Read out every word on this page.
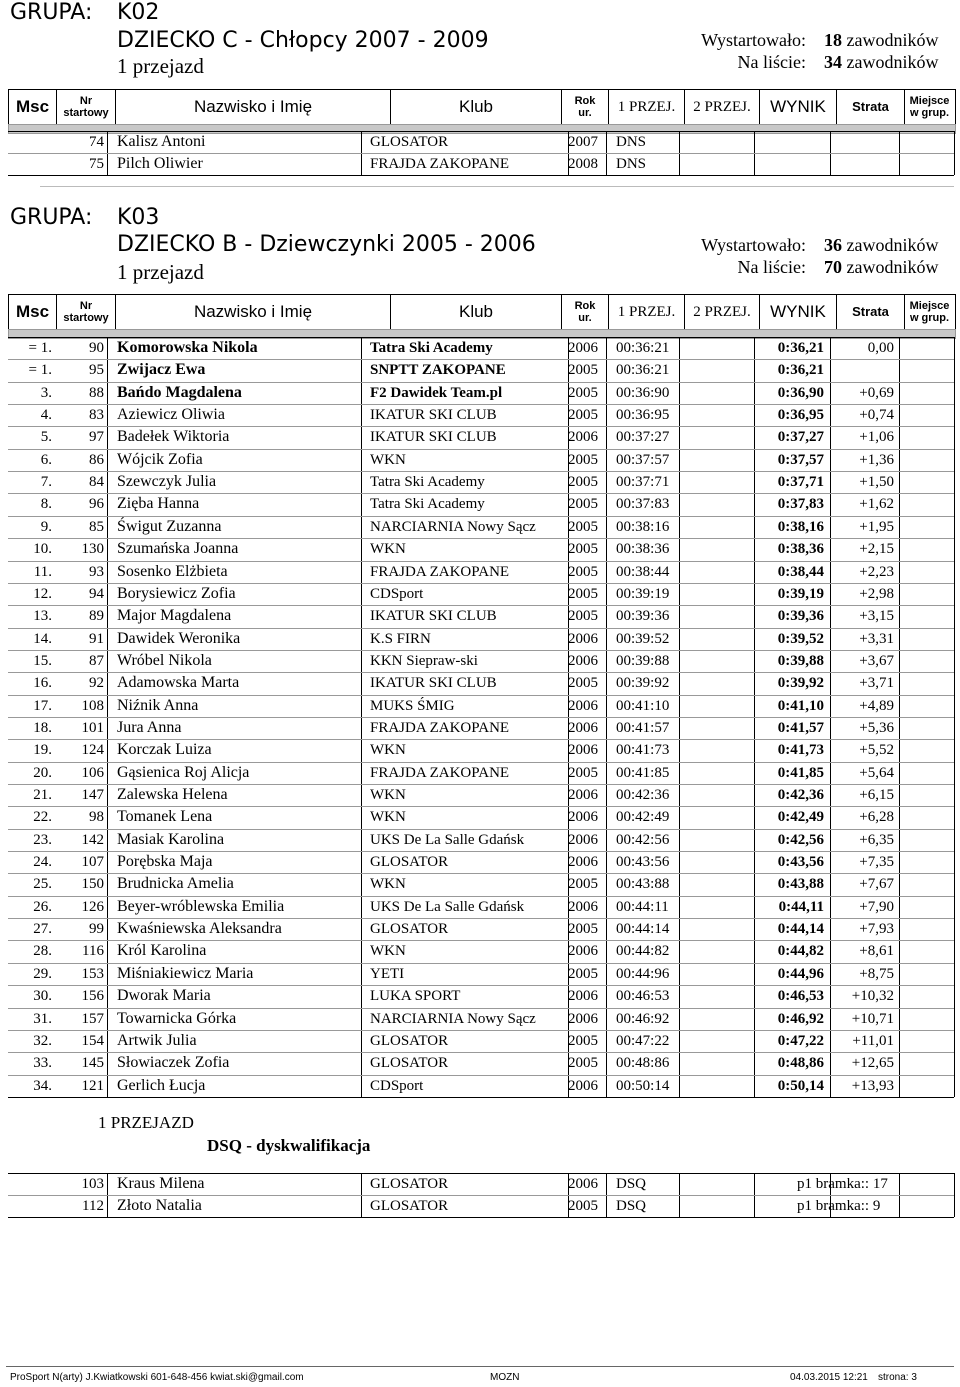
GRUPA: K02
DZIECKO C - Chłopcy 2007 - 2009
1 przejazd
Wystartowało:
Na liście:
18 zawodników
34 zawodników
Msc	Nr
startowy	Nazwisko i Imię	Klub	Rok
ur.	1 PRZEJ.	2 PRZEJ.	WYNIK	Strata	Miejsce
w grup.
74 Kalisz Antoni	GLOSATOR	2007 DNS
75 Pilch Oliwier	FRAJDA ZAKOPANE	2008 DNS
GRUPA: K03
DZIECKO B - Dziewczynki 2005 - 2006
1 przejazd
Wystartowało:
Na liście:
36 zawodników
70 zawodników
Msc	Nr
startowy	Nazwisko i Imię	Klub	Rok
ur.	1 PRZEJ.	2 PRZEJ.	WYNIK	Strata	Miejsce
w grup.
= 1.	90 Komorowska Nikola	Tatra Ski Academy	2006 00:36:21	0:36,21	0,00
= 1.	95 Zwijacz Ewa	SNPTT ZAKOPANE	2005 00:36:21	0:36,21
3.	88 Bańdo Magdalena	F2 Dawidek Team.pl	2005 00:36:90	0:36,90	+0,69
4.	83 Aziewicz Oliwia	IKATUR SKI CLUB	2005 00:36:95	0:36,95	+0,74
5.	97 Badełek Wiktoria	IKATUR SKI CLUB	2006 00:37:27	0:37,27	+1,06
6.	86 Wójcik Zofia	WKN	2005 00:37:57	0:37,57	+1,36
7.	84 Szewczyk Julia	Tatra Ski Academy	2005 00:37:71	0:37,71	+1,50
8.	96 Zięba Hanna	Tatra Ski Academy	2005 00:37:83	0:37,83	+1,62
9.	85 Świgut Zuzanna	NARCIARNIA Nowy Sącz 2005 00:38:16	0:38,16	+1,95
10.	130 Szumańska Joanna	WKN	2005 00:38:36	0:38,36	+2,15
11.	93 Sosenko Elżbieta	FRAJDA ZAKOPANE	2005 00:38:44	0:38,44	+2,23
12.	94 Borysiewicz Zofia	CDSport	2005 00:39:19	0:39,19	+2,98
13.	89 Major Magdalena	IKATUR SKI CLUB	2005 00:39:36	0:39,36	+3,15
14.	91 Dawidek Weronika	K.S FIRN	2006 00:39:52	0:39,52	+3,31
15.	87 Wróbel Nikola	KKN Siepraw-ski	2006 00:39:88	0:39,88	+3,67
16.	92 Adamowska Marta	IKATUR SKI CLUB	2005 00:39:92	0:39,92	+3,71
17.	108 Niźnik Anna	MUKS ŚMIG	2006 00:41:10	0:41,10	+4,89
18.	101 Jura Anna	FRAJDA ZAKOPANE	2006 00:41:57	0:41,57	+5,36
19.	124 Korczak Luiza	WKN	2006 00:41:73	0:41,73	+5,52
20.	106 Gąsienica Roj Alicja	FRAJDA ZAKOPANE	2005 00:41:85	0:41,85	+5,64
21.	147 Zalewska Helena	WKN	2006 00:42:36	0:42,36	+6,15
22.	98 Tomanek Lena	WKN	2006 00:42:49	0:42,49	+6,28
23.	142 Masiak Karolina	UKS De La Salle Gdańsk	2006 00:42:56	0:42,56	+6,35
24.	107 Porębska Maja	GLOSATOR	2006 00:43:56	0:43,56	+7,35
25.	150 Brudnicka Amelia	WKN	2005 00:43:88	0:43,88	+7,67
26.	126 Beyer-wróblewska Emilia	UKS De La Salle Gdańsk	2006 00:44:11	0:44,11	+7,90
27.	99 Kwaśniewska Aleksandra	GLOSATOR	2005 00:44:14	0:44,14	+7,93
28.	116 Król Karolina	WKN	2006 00:44:82	0:44,82	+8,61
29.	153 Miśniakiewicz Maria	YETI	2005 00:44:96	0:44,96	+8,75
30.	156 Dworak Maria	LUKA SPORT	2006 00:46:53	0:46,53	+10,32
31.	157 Towarnicka Górka	NARCIARNIA Nowy Sącz 2006 00:46:92	0:46,92	+10,71
32.	154 Artwik Julia	GLOSATOR	2005 00:47:22	0:47,22	+11,01
33.	145 Słowiaczek Zofia	GLOSATOR	2005 00:48:86	0:48,86	+12,65
34.	121 Gerlich Łucja	CDSport	2006 00:50:14	0:50,14	+13,93
1 PRZEJAZD
DSQ - dyskwalifikacja
103 Kraus Milena	GLOSATOR	2006 DSQ	p1 bramka:: 17
112 Złoto Natalia	GLOSATOR	2005 DSQ	p1 bramka:: 9
ProSport N(arty) J.Kwiatkowski 601-648-456 kwiat.ski@gmail.com	MOZN	04.03.2015 12:21 strona: 3
